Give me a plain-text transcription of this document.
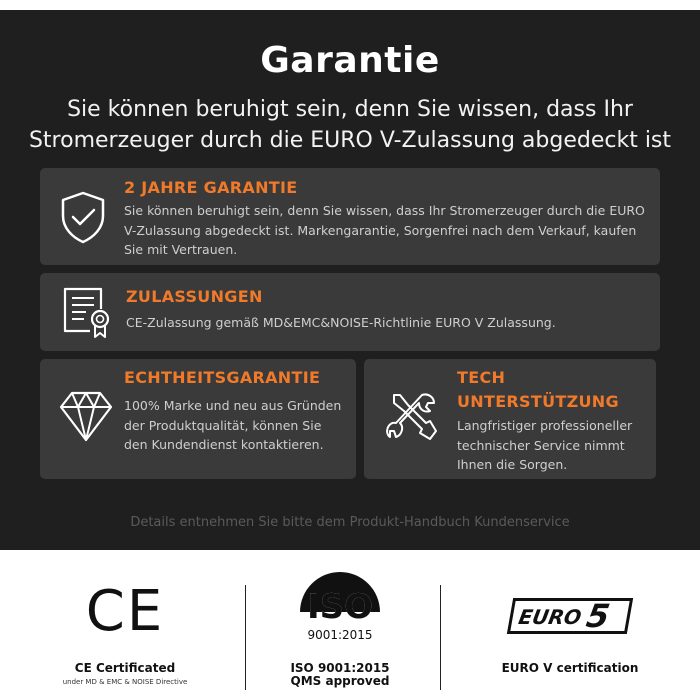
Garantie
Sie können beruhigt sein, denn Sie wissen, dass Ihr Stromerzeuger durch die EURO V-Zulassung abgedeckt ist
2 JAHRE GARANTIE

Sie können beruhigt sein, denn Sie wissen, dass Ihr Stromerzeuger durch die EURO V-Zulassung abgedeckt ist. Markengarantie, Sorgenfrei nach dem Verkauf, kaufen Sie mit Vertrauen.

ZULASSUNGEN

CE-Zulassung gemäß MD&EMC&NOISE-Richtlinie EURO V Zulassung.

ECHTHEITSGARANTIE

100% Marke und neu aus Gründen der Produktqualität, können Sie den Kundendienst kontaktieren.

TECH UNTERSTÜTZUNG

Langfristiger professioneller technischer Service nimmt Ihnen die Sorgen.

Details entnehmen Sie bitte dem Produkt-Handbuch Kundenservice
CE
CE Certificated
under MD & EMC & NOISE Directive
ISO
9001:2015
ISO 9001:2015 QMS approved
EURO 5
EURO V certification
